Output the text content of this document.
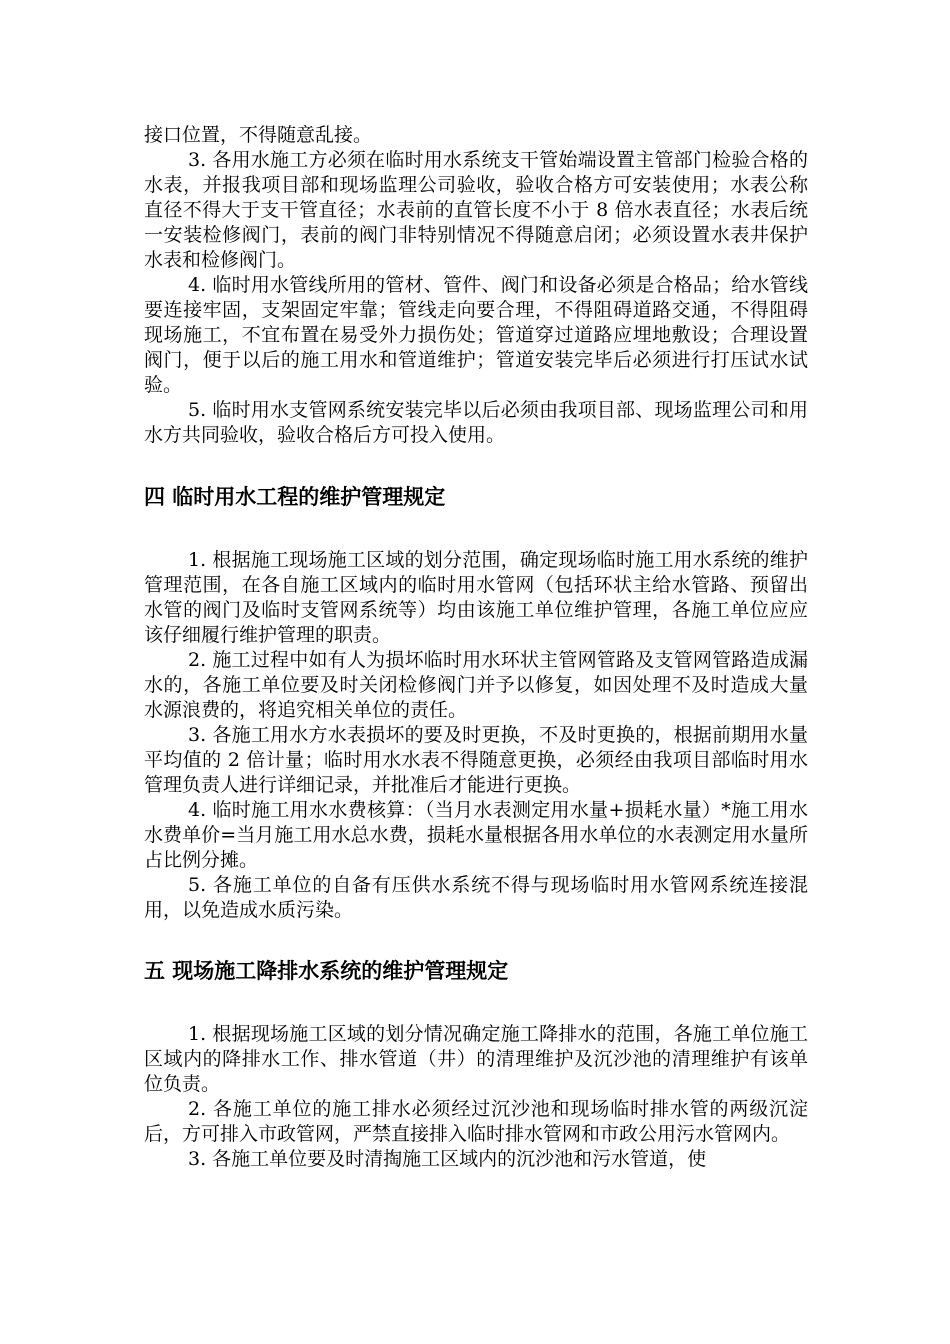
接口位置，不得随意乱接。

3. 各用水施工方必须在临时用水系统支干管始端设置主管部门检验合格的水表，并报我项目部和现场监理公司验收，验收合格方可安装使用；水表公称直径不得大于支干管直径；水表前的直管长度不小于 8 倍水表直径；水表后统一安装检修阀门，表前的阀门非特别情况不得随意启闭；必须设置水表井保护水表和检修阀门。

4. 临时用水管线所用的管材、管件、阀门和设备必须是合格品；给水管线要连接牢固，支架固定牢靠；管线走向要合理，不得阻碍道路交通，不得阻碍现场施工，不宜布置在易受外力损伤处；管道穿过道路应埋地敷设；合理设置阀门，便于以后的施工用水和管道维护；管道安装完毕后必须进行打压试水试验。

5. 临时用水支管网系统安装完毕以后必须由我项目部、现场监理公司和用水方共同验收，验收合格后方可投入使用。

四 临时用水工程的维护管理规定

1. 根据施工现场施工区域的划分范围，确定现场临时施工用水系统的维护管理范围，在各自施工区域内的临时用水管网（包括环状主给水管路、预留出水管的阀门及临时支管网系统等）均由该施工单位维护管理，各施工单位应应该仔细履行维护管理的职责。

2. 施工过程中如有人为损坏临时用水环状主管网管路及支管网管路造成漏水的，各施工单位要及时关闭检修阀门并予以修复，如因处理不及时造成大量水源浪费的，将追究相关单位的责任。

3. 各施工用水方水表损坏的要及时更换，不及时更换的，根据前期用水量平均值的 2 倍计量；临时用水水表不得随意更换，必须经由我项目部临时用水管理负责人进行详细记录，并批准后才能进行更换。

4. 临时施工用水水费核算：（当月水表测定用水量+损耗水量）*施工用水水费单价=当月施工用水总水费，损耗水量根据各用水单位的水表测定用水量所占比例分摊。

5. 各施工单位的自备有压供水系统不得与现场临时用水管网系统连接混用，以免造成水质污染。

五 现场施工降排水系统的维护管理规定

1. 根据现场施工区域的划分情况确定施工降排水的范围，各施工单位施工区域内的降排水工作、排水管道（井）的清理维护及沉沙池的清理维护有该单位负责。

2. 各施工单位的施工排水必须经过沉沙池和现场临时排水管的两级沉淀后，方可排入市政管网，严禁直接排入临时排水管网和市政公用污水管网内。

3. 各施工单位要及时清掏施工区域内的沉沙池和污水管道，使
